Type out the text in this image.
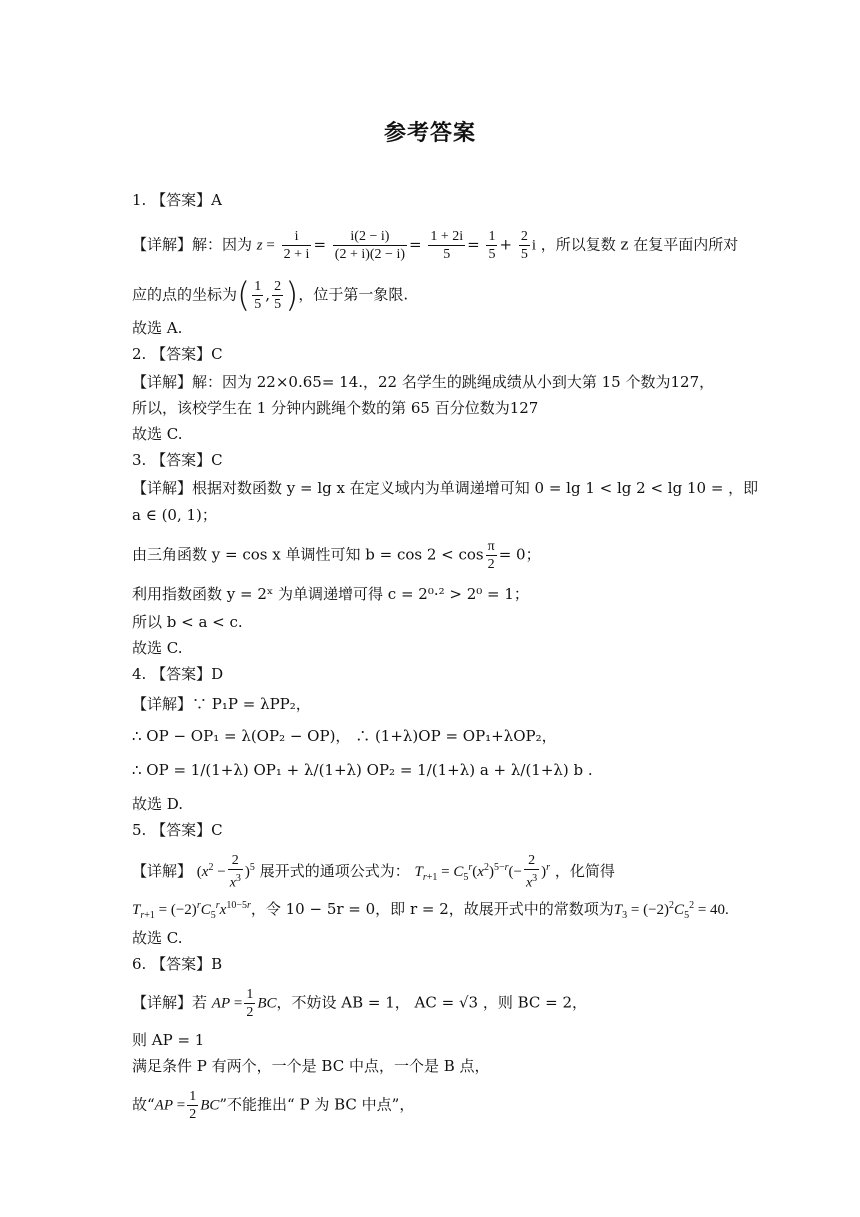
参考答案
1. 【答案】A
【详解】解：因为 $z = \frac{i}{2 + i} = \frac{i(2 - i)}{(2 + i)(2 - i)} = \frac{1 + 2i}{5} = \frac{1}{5} + \frac{2}{5}$ i ，所以复数 z 在复平面内所对
应的点的坐标为( $\frac{1}{5}$ , $\frac{2}{5}$ )，位于第一象限.
故选 A.
2. 【答案】C
【详解】解：因为 22×0.65= 14.，22 名学生的跳绳成绩从小到大第 15 个数为127，
所以，该校学生在 1 分钟内跳绳个数的第 65 百分位数为127
故选 C.
3. 【答案】C
【详解】根据对数函数 y = lg x 在定义域内为单调递增可知 0 = lg 1 < lg 2 < lg 10 = ，即
a ∈ (0, 1)；
由三角函数 y = cos x 单调性可知 $b = \cos 2 < \cos \frac{\pi}{2} = 0$；
利用指数函数 y = 2ˣ 为单调递增可得 c = 2⁰·² > 2⁰ = 1；
所以 b < a < c.
故选 C.
4. 【答案】D
【详解】∵ P₁P = λPP₂，
∴ OP − OP₁ = λ(OP₂ − OP)， ∴ (1+λ)OP = OP₁+λOP₂，
∴ OP = 1/(1+λ) OP₁ + λ/(1+λ) OP₂ = 1/(1+λ) a + λ/(1+λ) b .
故选 D.
5. 【答案】C
【详解】 $(x^2 - \frac{2}{x^3} )^5$ 展开式的通项公式为： $T_{r+1} = C_5^r(x^2)^{5-r}(- \frac{2}{x^3} )^r$ ，化简得
$T_{r+1} = (-2)^rC_5^rx^{10-5r}$，令 10 − 5r = 0，即 r = 2，故展开式中的常数项为$T_3 = (-2)^2C_5^2 = 40$.
故选 C.
6. 【答案】B
【详解】若 AP = $\frac{1}{2}$ BC，不妨设 AB = 1， AC = √3 ，则 BC = 2，
则 AP = 1
满足条件 P 有两个，一个是 BC 中点，一个是 B 点，
故“AP = $\frac{1}{2}$ BC”不能推出“ P 为 BC 中点”，
